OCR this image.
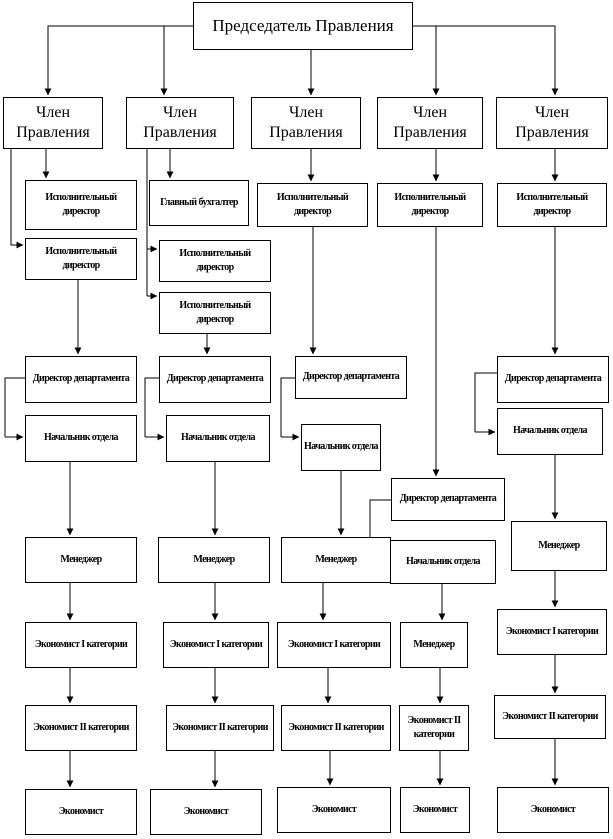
Председатель Правления
Член Правления
Исполнительный директор
Исполнительный директор
Директор департамента
Начальник отдела
Менеджер
Экономист I категории
Экономист II категории
Экономист
Член Правления
Главный бухгалтер
Исполнительный директор
Исполнительный директор
Директор департамента
Начальник отдела
Менеджер
Экономист I категории
Экономист II категории
Экономист
Член Правления
Исполнительный директор
Директор департамента
Начальник отдела
Менеджер
Экономист I категории
Экономист II категории
Экономист
Член Правления
Исполнительный директор
Директор департамента
Начальник отдела
Менеджер
Экономист II категории
Экономист
Член Правления
Исполнительный директор
Директор департамента
Начальник отдела
Менеджер
Экономист I категории
Экономист II категории
Экономист
